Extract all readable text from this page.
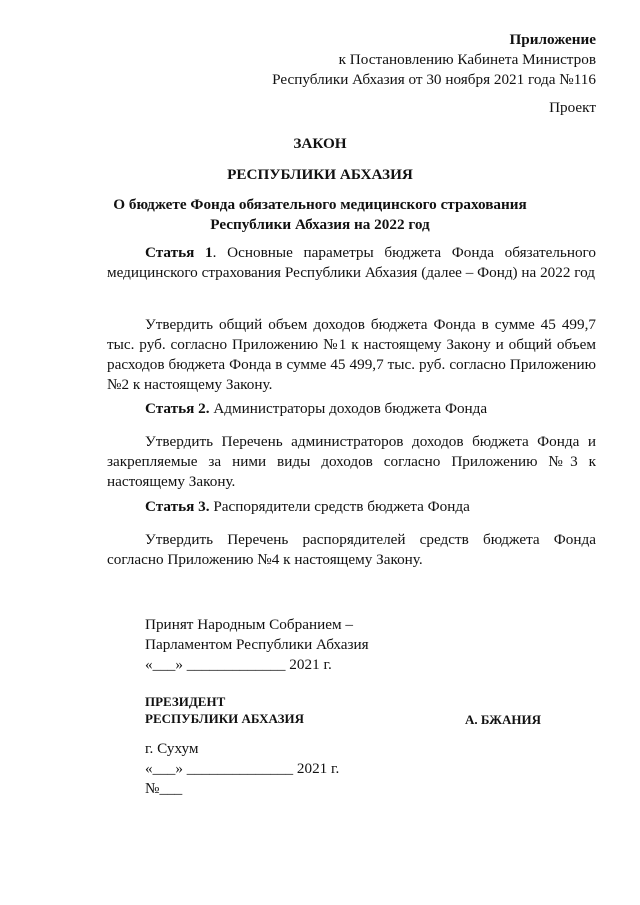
Приложение
к Постановлению Кабинета Министров
Республики Абхазия от 30 ноября 2021 года №116
Проект
ЗАКОН
РЕСПУБЛИКИ АБХАЗИЯ
О бюджете Фонда обязательного медицинского страхования
Республики Абхазия на 2022 год
Статья 1. Основные параметры бюджета Фонда обязательного медицинского страхования Республики Абхазия (далее – Фонд) на 2022 год
Утвердить общий объем доходов бюджета Фонда в сумме 45 499,7 тыс. руб. согласно Приложению №1 к настоящему Закону и общий объем расходов бюджета Фонда в сумме 45 499,7 тыс. руб. согласно Приложению №2 к настоящему Закону.
Статья 2. Администраторы доходов бюджета Фонда
Утвердить Перечень администраторов доходов бюджета Фонда и закрепляемые за ними виды доходов согласно Приложению №3 к настоящему Закону.
Статья 3. Распорядители средств бюджета Фонда
Утвердить Перечень распорядителей средств бюджета Фонда согласно Приложению №4 к настоящему Закону.
Принят Народным Собранием –
Парламентом Республики Абхазия
«___» _____________ 2021 г.
ПРЕЗИДЕНТ
РЕСПУБЛИКИ АБХАЗИЯ	А. БЖАНИЯ
г. Сухум
«___» ______________ 2021 г.
№___
